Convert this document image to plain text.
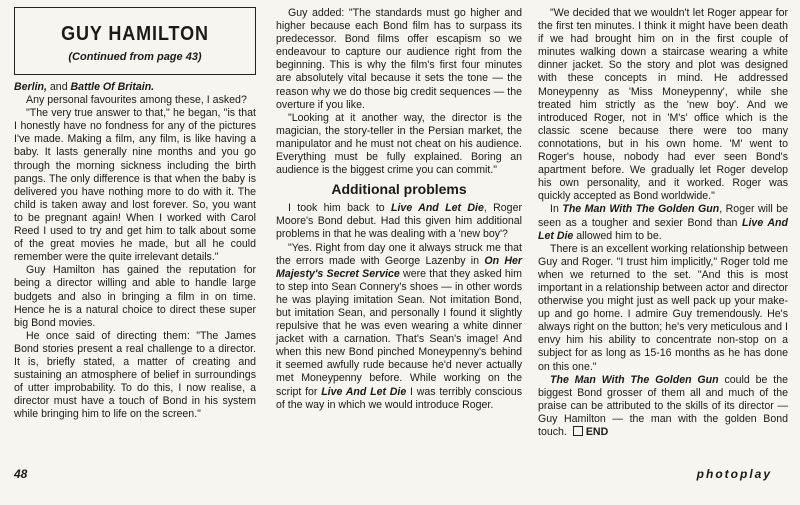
GUY HAMILTON
(Continued from page 43)

Berlin, and Battle Of Britain.

Any personal favourites among these, I asked?

"The very true answer to that," he began, "is that I honestly have no fondness for any of the pictures I've made. Making a film, any film, is like having a baby. It lasts generally nine months and you go through the morning sickness including the birth pangs. The only difference is that when the baby is delivered you have nothing more to do with it. The child is taken away and lost forever. So, you want to be pregnant again! When I worked with Carol Reed I used to try and get him to talk about some of the great movies he made, but all he could remember were the quite irrelevant details."

Guy Hamilton has gained the reputation for being a director willing and able to handle large budgets and also in bringing a film in on time. Hence he is a natural choice to direct these super big Bond movies.

He once said of directing them: "The James Bond stories present a real challenge to a director. It is, briefly stated, a matter of creating and sustaining an atmosphere of belief in surroundings of utter improbability. To do this, I now realise, a director must have a touch of Bond in his system while bringing him to life on the screen."

Guy added: "The standards must go higher and higher because each Bond film has to surpass its predecessor. Bond films offer escapism so we endeavour to capture our audience right from the beginning. This is why the film's first four minutes are absolutely vital because it sets the tone — the reason why we do those big credit sequences — the overture if you like.

"Looking at it another way, the director is the magician, the story-teller in the Persian market, the manipulator and he must not cheat on his audience. Everything must be fully explained. Boring an audience is the biggest crime you can commit."

Additional problems

I took him back to Live And Let Die, Roger Moore's Bond debut. Had this given him additional problems in that he was dealing with a 'new boy'?

"Yes. Right from day one it always struck me that the errors made with George Lazenby in On Her Majesty's Secret Service were that they asked him to step into Sean Connery's shoes — in other words he was playing imitation Sean. Not imitation Bond, but imitation Sean, and personally I found it slightly repulsive that he was even wearing a white dinner jacket with a carnation. That's Sean's image! And when this new Bond pinched Moneypenny's behind it seemed awfully rude because he'd never actually met Moneypenny before. While working on the script for Live And Let Die I was terribly conscious of the way in which we would introduce Roger.

"We decided that we wouldn't let Roger appear for the first ten minutes. I think it might have been death if we had brought him on in the first couple of minutes walking down a staircase wearing a white dinner jacket. So the story and plot was designed with these concepts in mind. He addressed Moneypenny as 'Miss Moneypenny', while she treated him strictly as the 'new boy'. And we introduced Roger, not in 'M's' office which is the classic scene because there were too many connotations, but in his own home. 'M' went to Roger's house, nobody had ever seen Bond's apartment before. We gradually let Roger develop his own personality, and it worked. Roger was quickly accepted as Bond worldwide."

In The Man With The Golden Gun, Roger will be seen as a tougher and sexier Bond than Live And Let Die allowed him to be.

There is an excellent working relationship between Guy and Roger. "I trust him implicitly," Roger told me when we returned to the set. "And this is most important in a relationship between actor and director otherwise you might just as well pack up your make-up and go home. I admire Guy tremendously. He's always right on the button; he's very meticulous and I envy him his ability to concentrate non-stop on a subject for as long as 15-16 months as he has done on this one."

The Man With The Golden Gun could be the biggest Bond grosser of them all and much of the praise can be attributed to the skills of its director — Guy Hamilton — the man with the golden Bond touch. END

48	photoplay
